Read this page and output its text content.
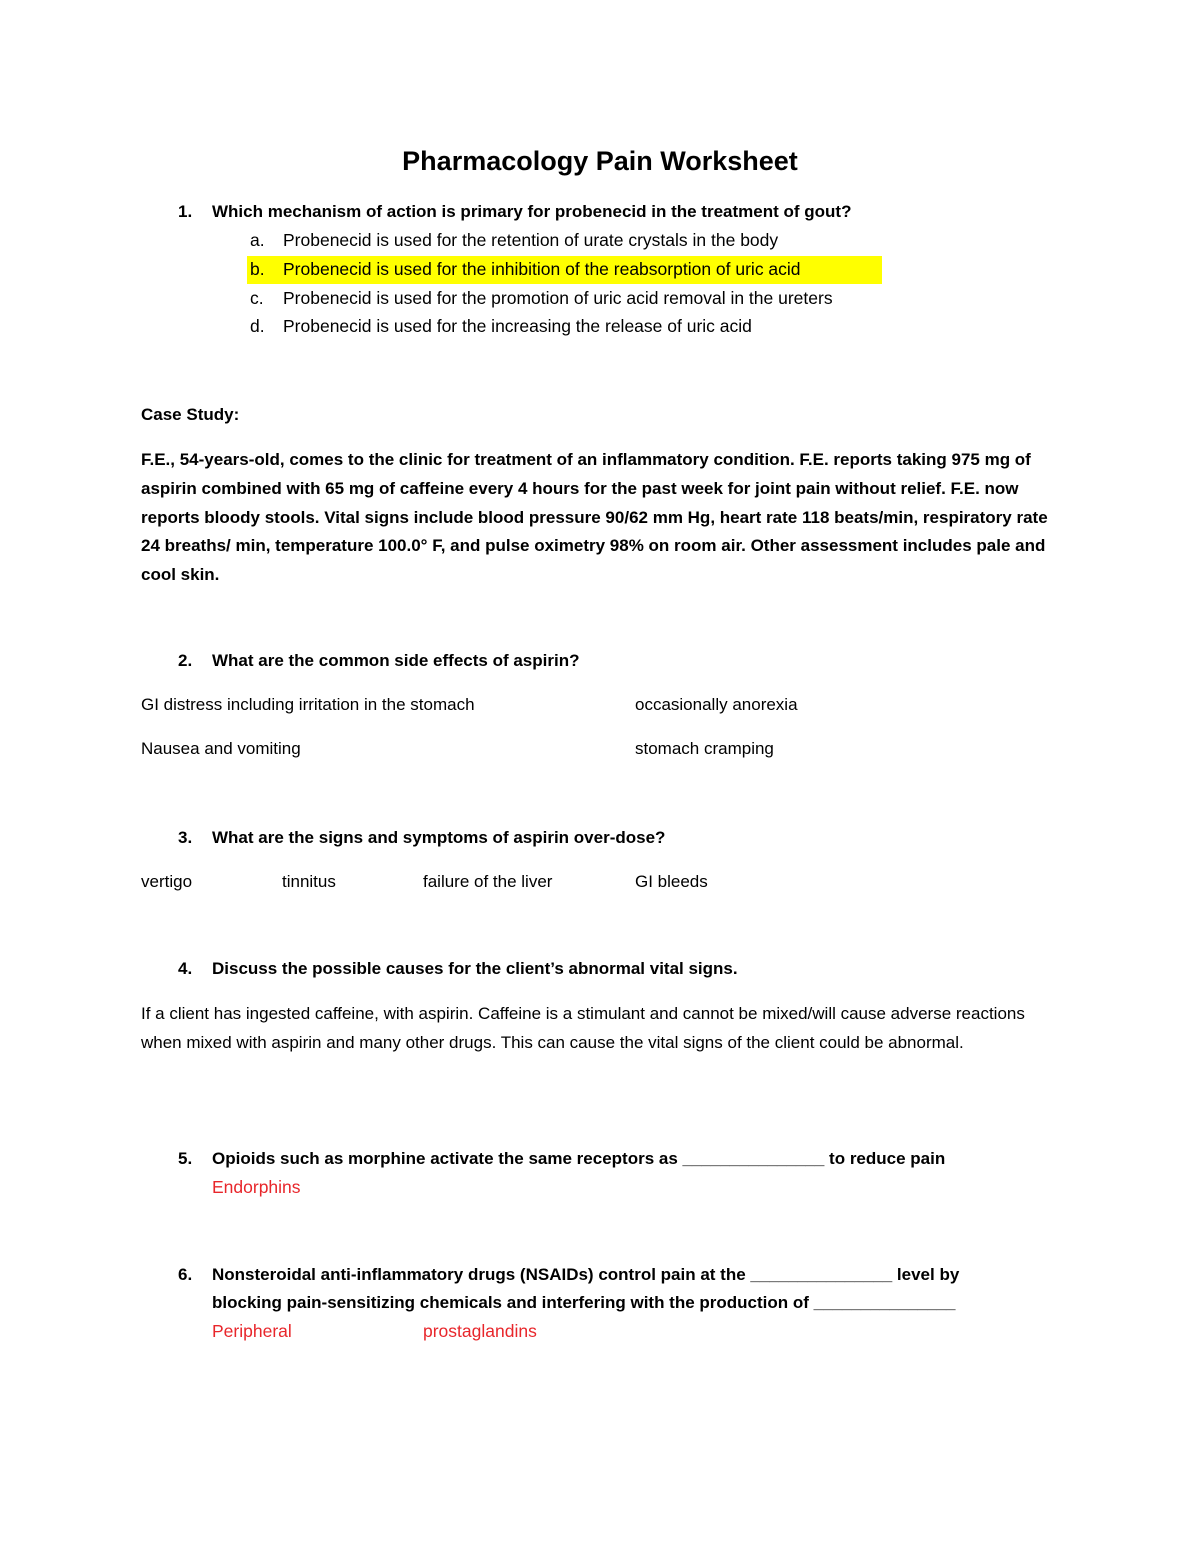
Pharmacology Pain Worksheet
1. Which mechanism of action is primary for probenecid in the treatment of gout?
a. Probenecid is used for the retention of urate crystals in the body
b. Probenecid is used for the inhibition of the reabsorption of uric acid
c. Probenecid is used for the promotion of uric acid removal in the ureters
d. Probenecid is used for the increasing the release of uric acid
Case Study:
F.E., 54-years-old, comes to the clinic for treatment of an inflammatory condition. F.E. reports taking 975 mg of aspirin combined with 65 mg of caffeine every 4 hours for the past week for joint pain without relief. F.E. now reports bloody stools. Vital signs include blood pressure 90/62 mm Hg, heart rate 118 beats/min, respiratory rate 24 breaths/ min, temperature 100.0° F, and pulse oximetry 98% on room air. Other assessment includes pale and cool skin.
2. What are the common side effects of aspirin?
GI distress including irritation in the stomach	occasionally anorexia
Nausea and vomiting	stomach cramping
3. What are the signs and symptoms of aspirin over-dose?
vertigo	tinnitus	failure of the liver	GI bleeds
4. Discuss the possible causes for the client’s abnormal vital signs.
If a client has ingested caffeine, with aspirin. Caffeine is a stimulant and cannot be mixed/will cause adverse reactions when mixed with aspirin and many other drugs. This can cause the vital signs of the client could be abnormal.
5. Opioids such as morphine activate the same receptors as _______________ to reduce pain
Endorphins
6. Nonsteroidal anti-inflammatory drugs (NSAIDs) control pain at the _______________ level by
blocking pain-sensitizing chemicals and interfering with the production of _______________
Peripheral	prostaglandins
